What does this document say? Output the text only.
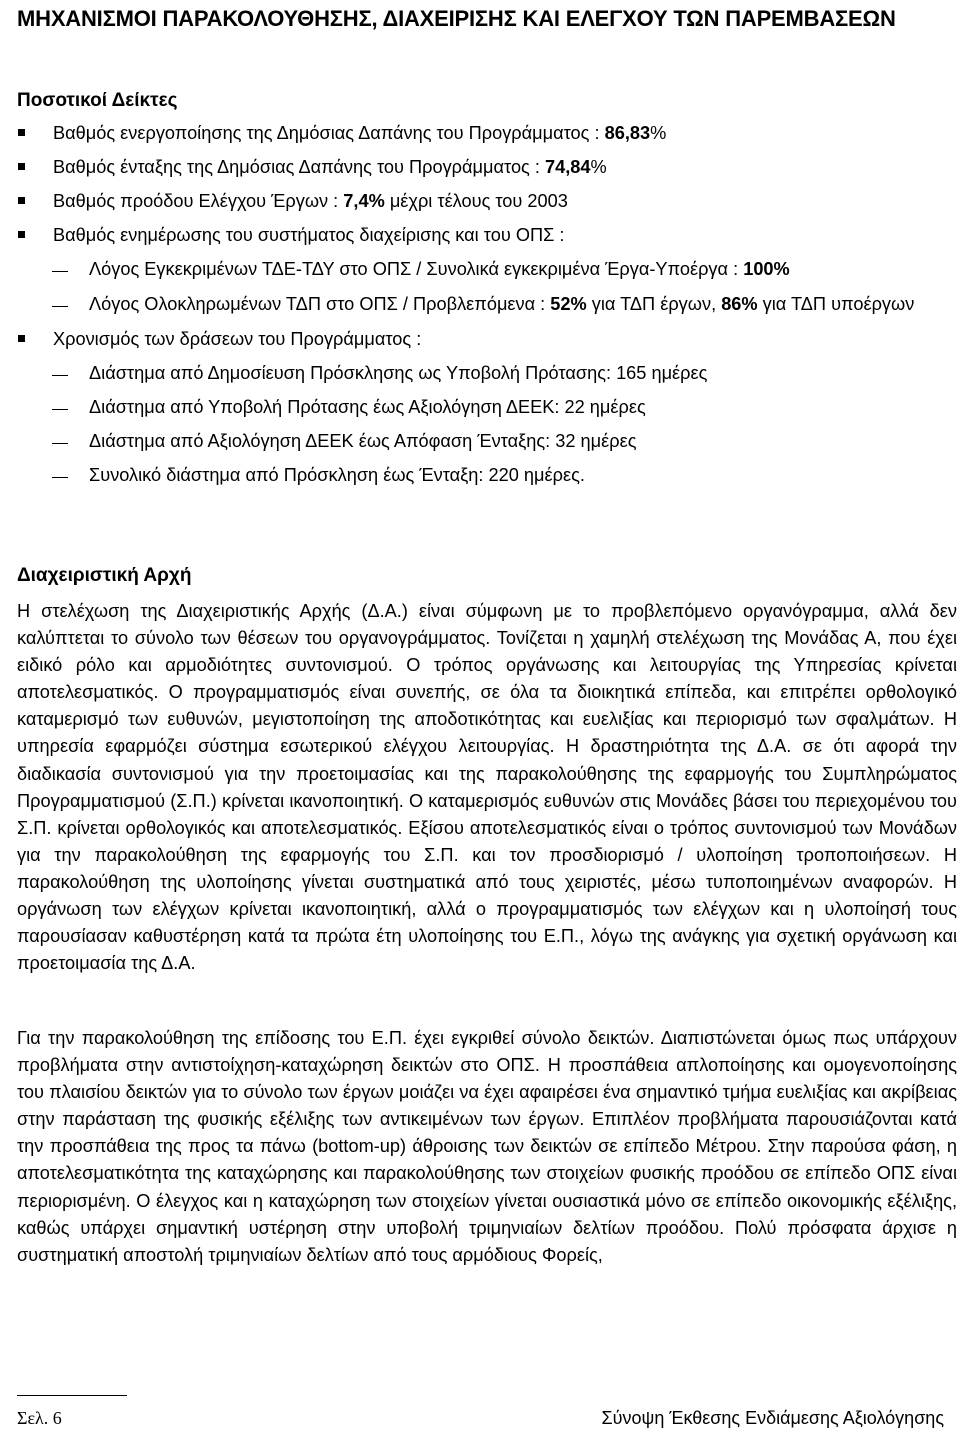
ΜΗΧΑΝΙΣΜΟΙ ΠΑΡΑΚΟΛΟΥΘΗΣΗΣ, ΔΙΑΧΕΙΡΙΣΗΣ ΚΑΙ ΕΛΕΓΧΟΥ ΤΩΝ ΠΑΡΕΜΒΑΣΕΩΝ
Ποσοτικοί Δείκτες
Βαθμός ενεργοποίησης της Δημόσιας Δαπάνης του Προγράμματος : 86,83%
Βαθμός ένταξης της Δημόσιας Δαπάνης του Προγράμματος : 74,84%
Βαθμός προόδου Ελέγχου Έργων : 7,4% μέχρι τέλους του 2003
Βαθμός ενημέρωσης του συστήματος διαχείρισης και του ΟΠΣ :
Λόγος Εγκεκριμένων ΤΔΕ-ΤΔΥ στο ΟΠΣ / Συνολικά εγκεκριμένα Έργα-Υποέργα : 100%
Λόγος Ολοκληρωμένων ΤΔΠ στο ΟΠΣ / Προβλεπόμενα : 52% για ΤΔΠ έργων, 86% για ΤΔΠ υποέργων
Χρονισμός των δράσεων του Προγράμματος :
Διάστημα από Δημοσίευση Πρόσκλησης ως Υποβολή Πρότασης: 165 ημέρες
Διάστημα από Υποβολή Πρότασης έως Αξιολόγηση ΔΕΕΚ: 22 ημέρες
Διάστημα από Αξιολόγηση ΔΕΕΚ έως Απόφαση Ένταξης: 32 ημέρες
Συνολικό διάστημα από Πρόσκληση έως Ένταξη: 220 ημέρες.
Διαχειριστική Αρχή

Η στελέχωση της Διαχειριστικής Αρχής (Δ.Α.) είναι σύμφωνη με το προβλεπόμενο οργανόγραμμα, αλλά δεν καλύπτεται το σύνολο των θέσεων του οργανογράμματος. Τονίζεται η χαμηλή στελέχωση της Μονάδας Α, που έχει ειδικό ρόλο και αρμοδιότητες συντονισμού. Ο τρόπος οργάνωσης και λειτουργίας της Υπηρεσίας κρίνεται αποτελεσματικός. Ο προγραμματισμός είναι συνεπής, σε όλα τα διοικητικά επίπεδα, και επιτρέπει ορθολογικό καταμερισμό των ευθυνών, μεγιστοποίηση της αποδοτικότητας και ευελιξίας και περιορισμό των σφαλμάτων. Η υπηρεσία εφαρμόζει σύστημα εσωτερικού ελέγχου λειτουργίας. Η δραστηριότητα της Δ.Α. σε ότι αφορά την διαδικασία συντονισμού για την προετοιμασίας και της παρακολούθησης της εφαρμογής του Συμπληρώματος Προγραμματισμού (Σ.Π.) κρίνεται ικανοποιητική. Ο καταμερισμός ευθυνών στις Μονάδες βάσει του περιεχομένου του Σ.Π. κρίνεται ορθολογικός και αποτελεσματικός. Εξίσου αποτελεσματικός είναι ο τρόπος συντονισμού των Μονάδων για την παρακολούθηση της εφαρμογής του Σ.Π. και τον προσδιορισμό / υλοποίηση τροποποιήσεων. Η παρακολούθηση της υλοποίησης γίνεται συστηματικά από τους χειριστές, μέσω τυποποιημένων αναφορών. Η οργάνωση των ελέγχων κρίνεται ικανοποιητική, αλλά ο προγραμματισμός των ελέγχων και η υλοποίησή τους παρουσίασαν καθυστέρηση κατά τα πρώτα έτη υλοποίησης του Ε.Π., λόγω της ανάγκης για σχετική οργάνωση και προετοιμασία της Δ.Α.

Για την παρακολούθηση της επίδοσης του Ε.Π. έχει εγκριθεί σύνολο δεικτών. Διαπιστώνεται όμως πως υπάρχουν προβλήματα στην αντιστοίχηση-καταχώρηση δεικτών στο ΟΠΣ. Η προσπάθεια απλοποίησης και ομογενοποίησης του πλαισίου δεικτών για το σύνολο των έργων μοιάζει να έχει αφαιρέσει ένα σημαντικό τμήμα ευελιξίας και ακρίβειας στην παράσταση της φυσικής εξέλιξης των αντικειμένων των έργων. Επιπλέον προβλήματα παρουσιάζονται κατά την προσπάθεια της προς τα πάνω (bottom-up) άθροισης των δεικτών σε επίπεδο Μέτρου. Στην παρούσα φάση, η αποτελεσματικότητα της καταχώρησης και παρακολούθησης των στοιχείων φυσικής προόδου σε επίπεδο ΟΠΣ είναι περιορισμένη. Ο έλεγχος και η καταχώρηση των στοιχείων γίνεται ουσιαστικά μόνο σε επίπεδο οικονομικής εξέλιξης, καθώς υπάρχει σημαντική υστέρηση στην υποβολή τριμηνιαίων δελτίων προόδου. Πολύ πρόσφατα άρχισε η συστηματική αποστολή τριμηνιαίων δελτίων από τους αρμόδιους Φορείς,

Σελ. 6	Σύνοψη Έκθεσης Ενδιάμεσης Αξιολόγησης
